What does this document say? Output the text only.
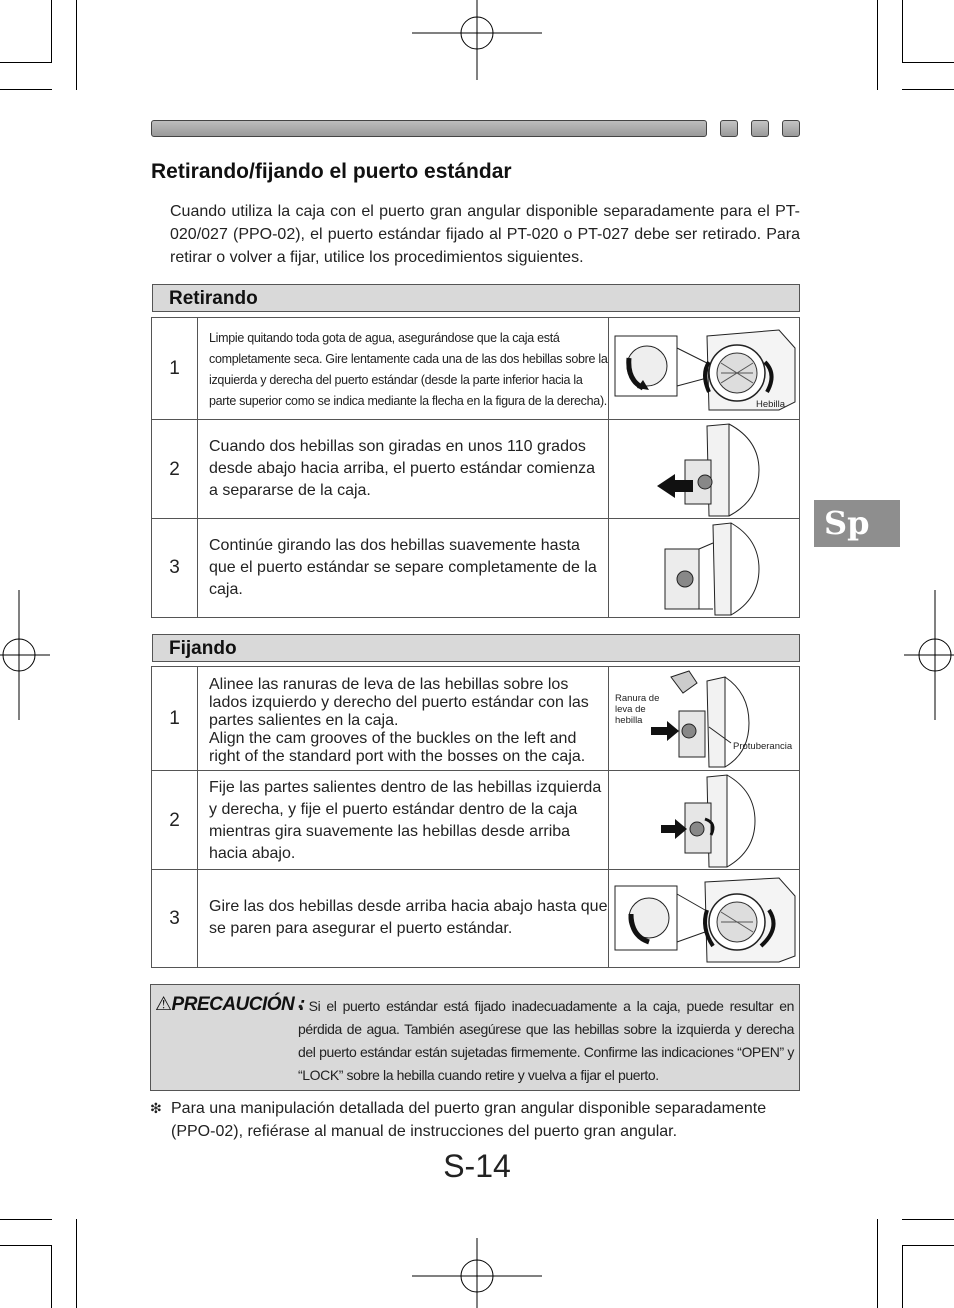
Retirando/fijando el puerto estándar
Cuando utiliza la caja con el puerto gran angular disponible separadamente para el PT-020/027 (PPO-02), el puerto estándar fijado al PT-020 o PT-027 debe ser retirado. Para retirar o volver a fijar, utilice los procedimientos siguientes.
Sp
Retirando
1
Limpie quitando toda gota de agua, asegurándose que la caja está completamente seca. Gire lentamente cada una de las dos hebillas sobre la izquierda y derecha del puerto estándar (desde la parte inferior hacia la parte superior como se indica mediante la flecha en la figura de la derecha).	Hebilla
2
Cuando dos hebillas son giradas en unos 110 grados desde abajo hacia arriba, el puerto estándar comienza a separarse de la caja.
3
Continúe girando las dos hebillas suavemente hasta que el puerto estándar se separe completamente de la caja.
Fijando
1
Alinee las ranuras de leva de las hebillas sobre los lados izquierdo y derecho del puerto estándar con las partes salientes en la caja.
Align the cam grooves of the buckles on the left and right of the standard port with the bosses on the caja.
Ranura de leva de hebilla
Protuberancia
2
Fije las partes salientes dentro de las hebillas izquierda y derecha, y fije el puerto estándar dentro de la caja mientras gira suavemente las hebillas desde arriba hacia abajo.
3
Gire las dos hebillas desde arriba hacia abajo hasta que se paren para asegurar el puerto estándar.
⚠PRECAUCIÓN :
• Si el puerto estándar está fijado inadecuadamente a la caja, puede resultar en pérdida de agua. También asegúrese que las hebillas sobre la izquierda y derecha del puerto estándar están sujetadas firmemente. Confirme las indicaciones “OPEN” y “LOCK” sobre la hebilla cuando retire y vuelva a fijar el puerto.
❇ Para una manipulación detallada del puerto gran angular disponible separadamente (PPO-02), refiérase al manual de instrucciones del puerto gran angular.
S-14
